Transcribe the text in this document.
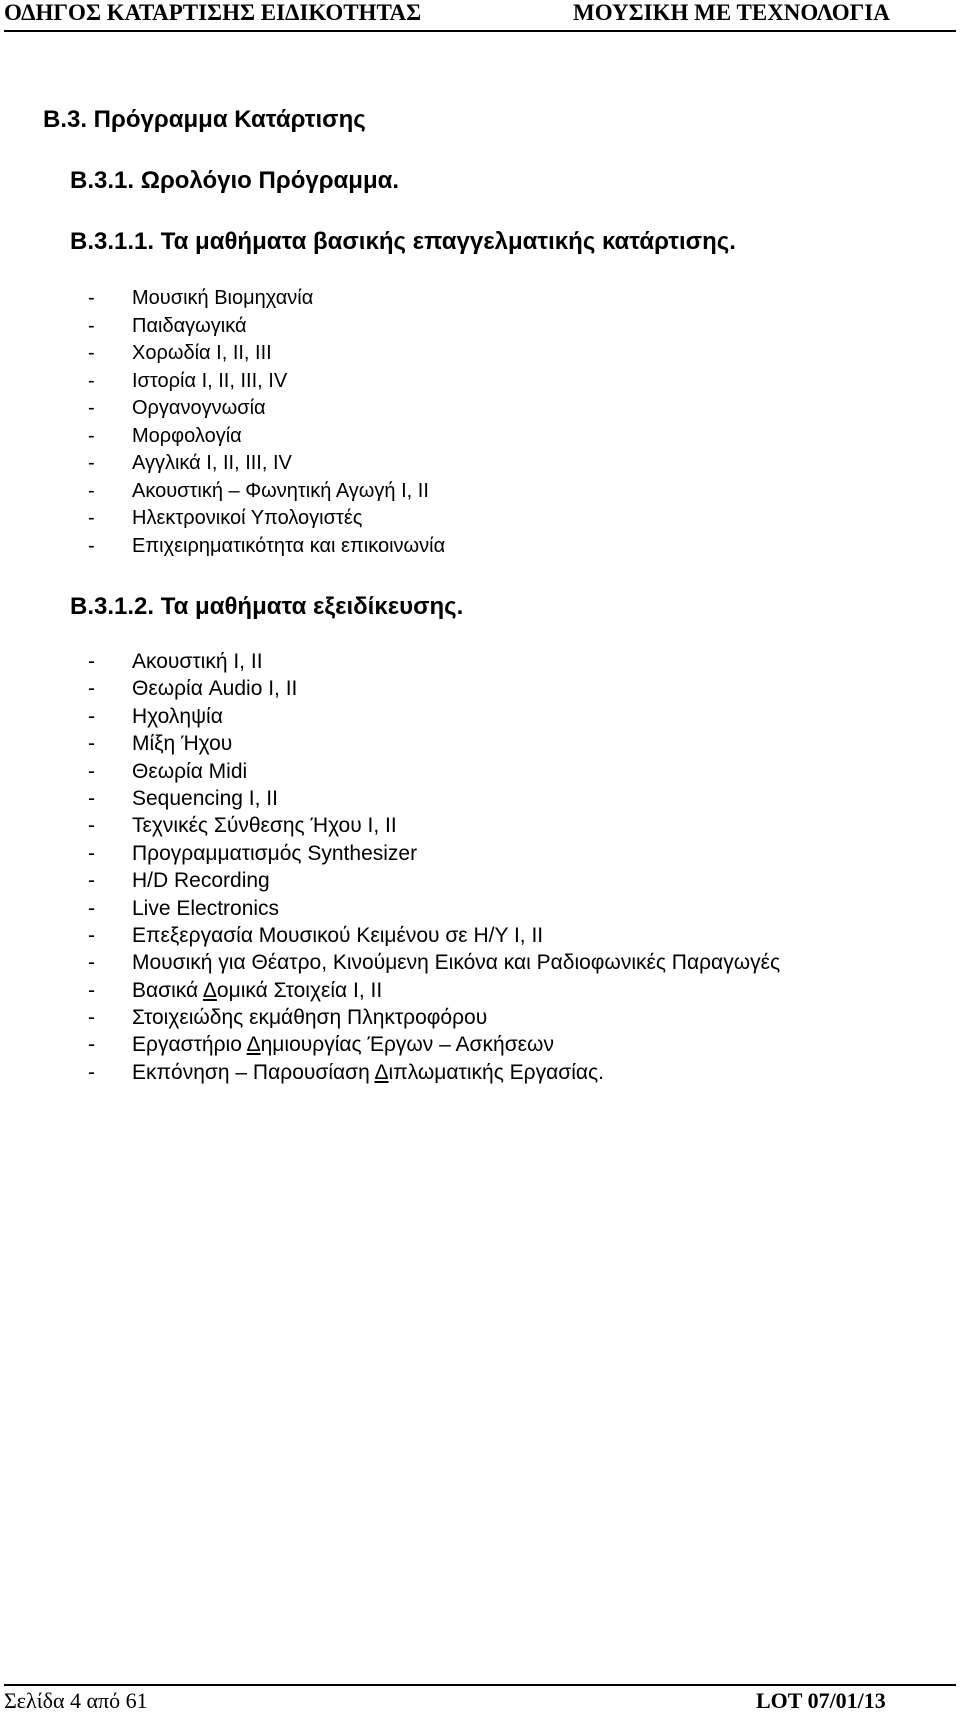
ΟΔΗΓΟΣ ΚΑΤΑΡΤΙΣΗΣ ΕΙΔΙΚΟΤΗΤΑΣ	ΜΟΥΣΙΚΗ ΜΕ ΤΕΧΝΟΛΟΓΙΑ
B.3. Πρόγραμμα Κατάρτισης
B.3.1. Ωρολόγιο Πρόγραμμα.
Β.3.1.1. Τα μαθήματα βασικής επαγγελματικής κατάρτισης.
- Μουσική Βιομηχανία
- Παιδαγωγικά
- Χορωδία Ι, ΙΙ, ΙΙΙ
- Ιστορία Ι, ΙΙ, ΙΙΙ, ΙV
- Οργανογνωσία
- Μορφολογία
- Αγγλικά Ι, ΙΙ, ΙΙΙ, ΙV
- Ακουστική – Φωνητική Αγωγή Ι, ΙΙ
- Ηλεκτρονικοί Υπολογιστές
- Επιχειρηματικότητα και επικοινωνία
Β.3.1.2. Τα μαθήματα εξειδίκευσης.
- Ακουστική Ι, ΙΙ
- Θεωρία Audio I, II
- Ηχοληψία
- Μίξη Ήχου
- Θεωρία Midi
- Sequencing I, II
- Τεχνικές Σύνθεσης Ήχου Ι, ΙΙ
- Προγραμματισμός Synthesizer
- H/D Recording
- Live Electronics
- Επεξεργασία Μουσικού Κειμένου σε Η/Υ Ι, ΙΙ
- Μουσική για Θέατρο, Κινούμενη Εικόνα και Ραδιοφωνικές Παραγωγές
- Βασικά Δομικά Στοιχεία Ι, ΙΙ
- Στοιχειώδης εκμάθηση Πληκτροφόρου
- Εργαστήριο Δημιουργίας Έργων – Ασκήσεων
- Εκπόνηση – Παρουσίαση Διπλωματικής Εργασίας.
Σελίδα 4 από 61	LOT 07/01/13
